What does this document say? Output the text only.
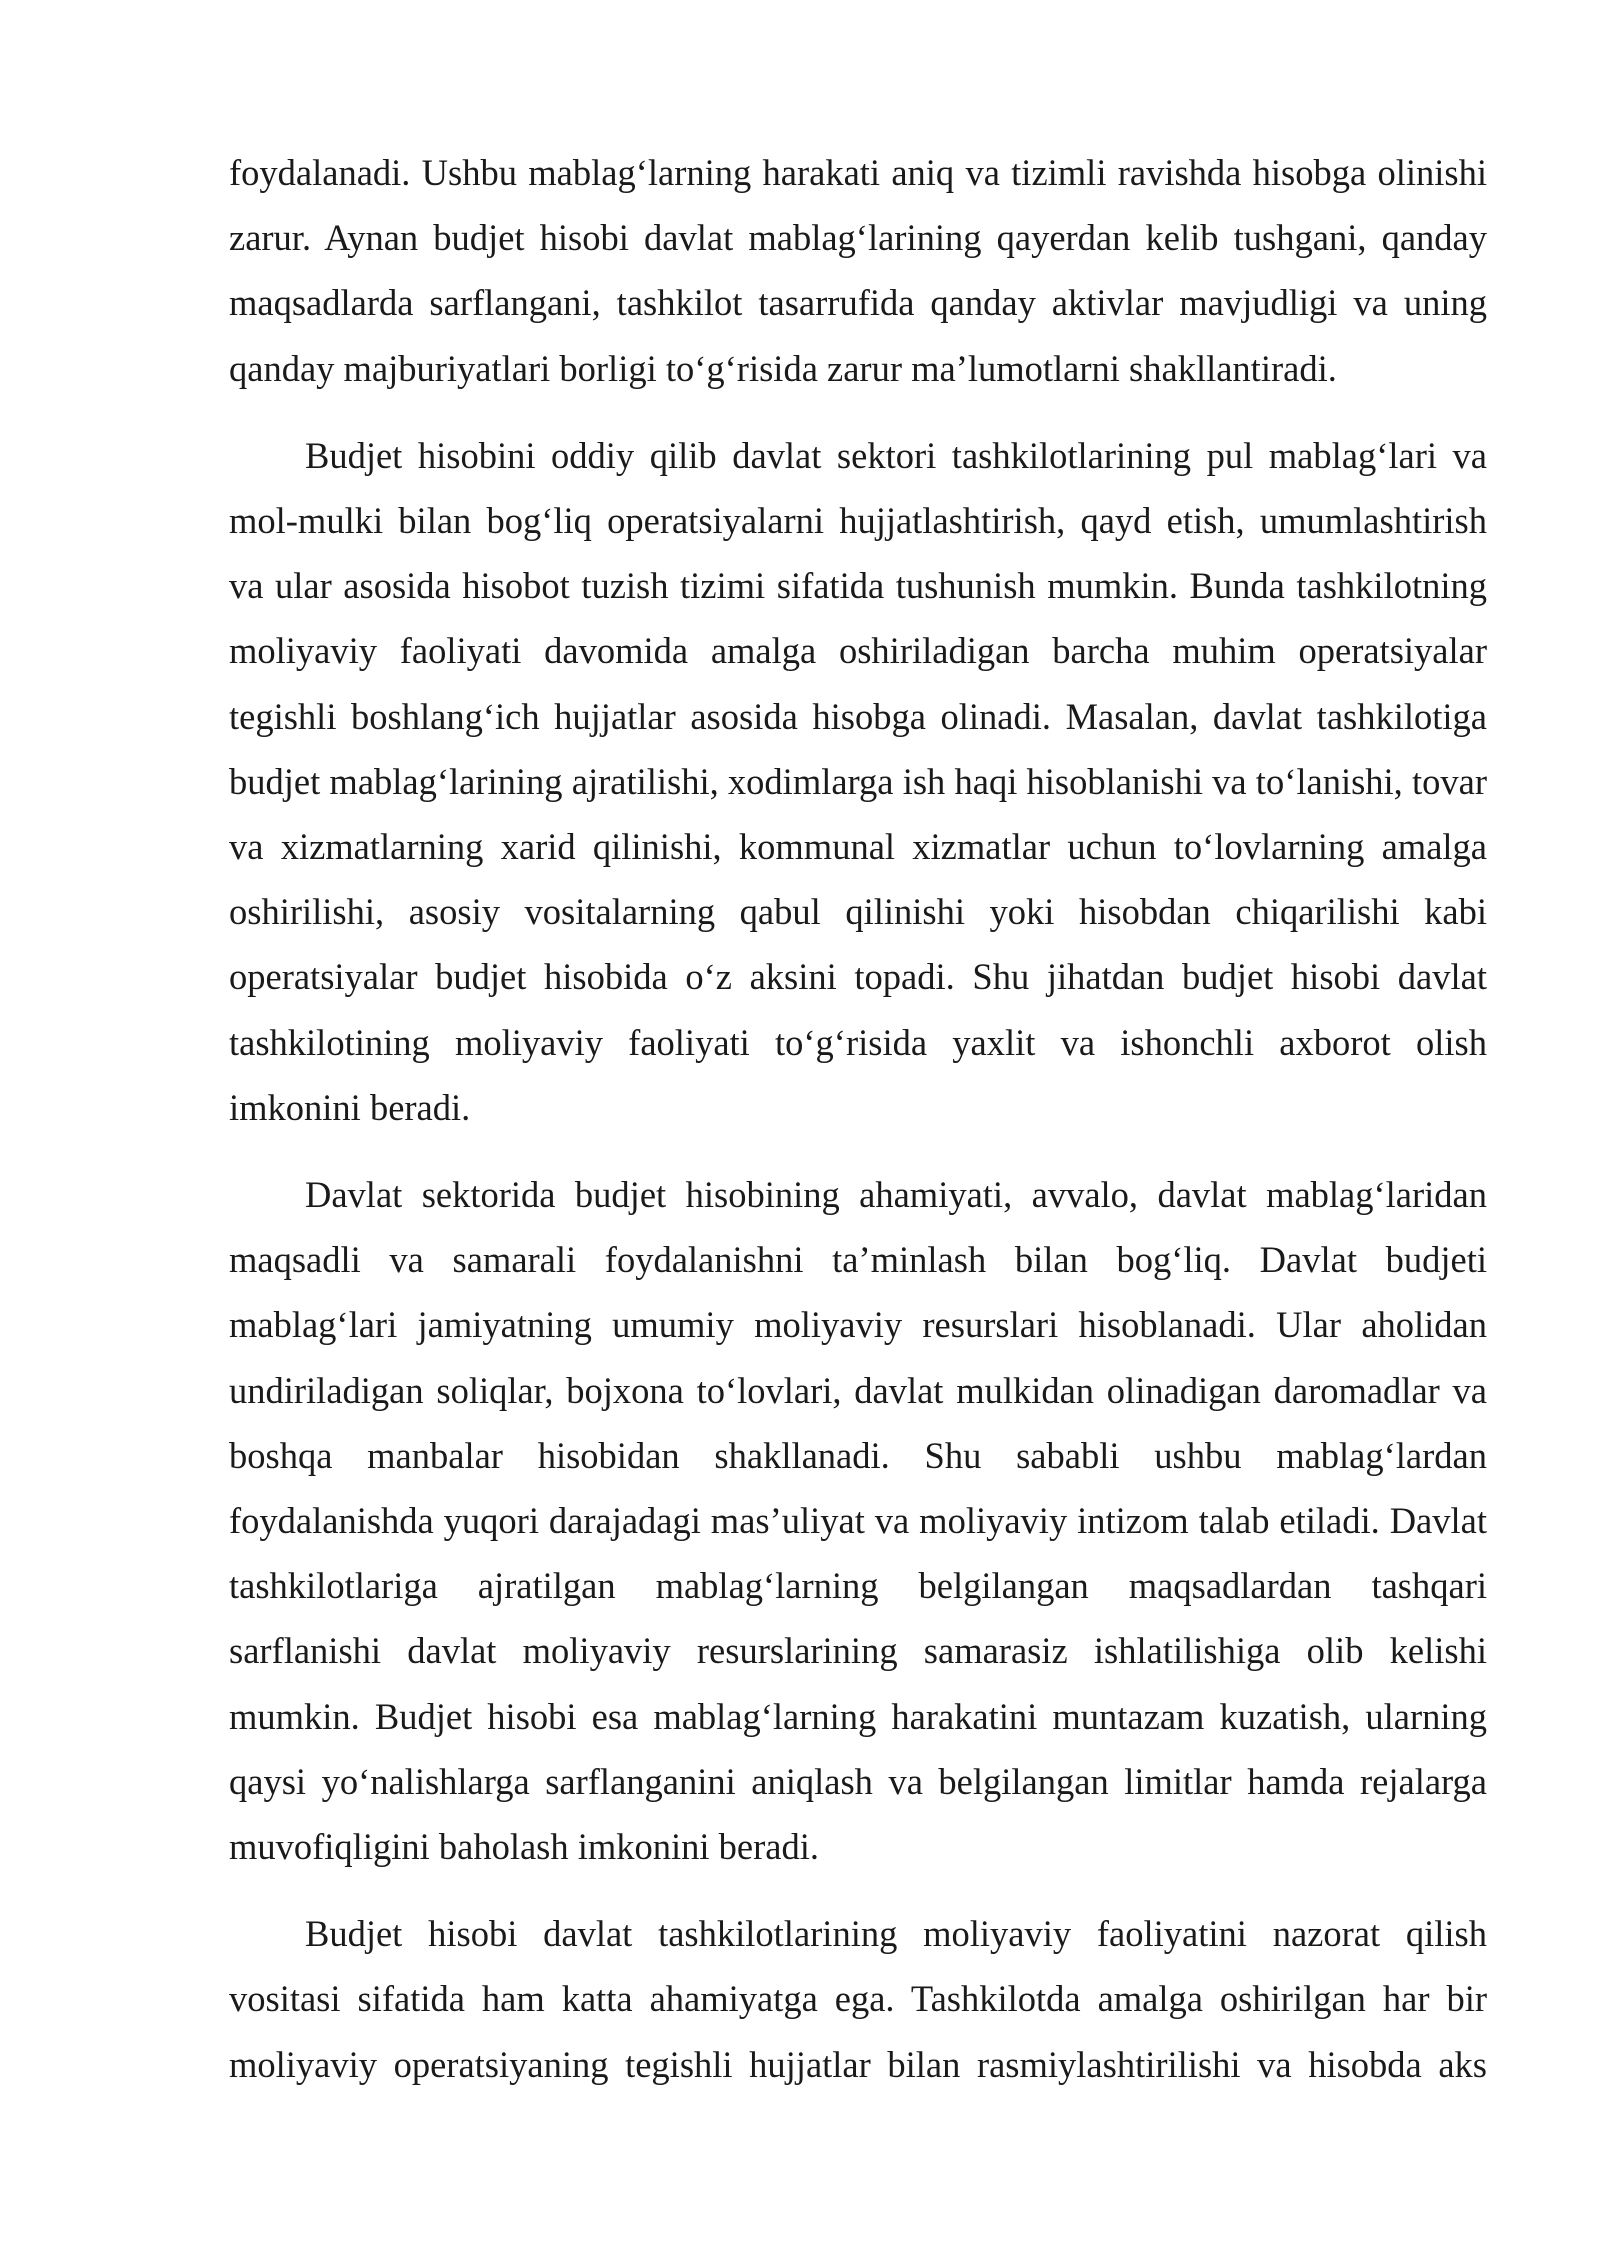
foydalanadi. Ushbu mablag‘larning harakati aniq va tizimli ravishda hisobga olinishi zarur. Aynan budjet hisobi davlat mablag‘larining qayerdan kelib tushgani, qanday maqsadlarda sarflangani, tashkilot tasarrufida qanday aktivlar mavjudligi va uning qanday majburiyatlari borligi to‘g‘risida zarur ma’lumotlarni shakllantiradi.

Budjet hisobini oddiy qilib davlat sektori tashkilotlarining pul mablag‘lari va mol-mulki bilan bog‘liq operatsiyalarni hujjatlashtirish, qayd etish, umumlashtirish va ular asosida hisobot tuzish tizimi sifatida tushunish mumkin. Bunda tashkilotning moliyaviy faoliyati davomida amalga oshiriladigan barcha muhim operatsiyalar tegishli boshlang‘ich hujjatlar asosida hisobga olinadi. Masalan, davlat tashkilotiga budjet mablag‘larining ajratilishi, xodimlarga ish haqi hisoblanishi va to‘lanishi, tovar va xizmatlarning xarid qilinishi, kommunal xizmatlar uchun to‘lovlarning amalga oshirilishi, asosiy vositalarning qabul qilinishi yoki hisobdan chiqarilishi kabi operatsiyalar budjet hisobida o‘z aksini topadi. Shu jihatdan budjet hisobi davlat tashkilotining moliyaviy faoliyati to‘g‘risida yaxlit va ishonchli axborot olish imkonini beradi.

Davlat sektorida budjet hisobining ahamiyati, avvalo, davlat mablag‘laridan maqsadli va samarali foydalanishni ta’minlash bilan bog‘liq. Davlat budjeti mablag‘lari jamiyatning umumiy moliyaviy resurslari hisoblanadi. Ular aholidan undiriladigan soliqlar, bojxona to‘lovlari, davlat mulkidan olinadigan daromadlar va boshqa manbalar hisobidan shakllanadi. Shu sababli ushbu mablag‘lardan foydalanishda yuqori darajadagi mas’uliyat va moliyaviy intizom talab etiladi. Davlat tashkilotlariga ajratilgan mablag‘larning belgilangan maqsadlardan tashqari sarflanishi davlat moliyaviy resurslarining samarasiz ishlatilishiga olib kelishi mumkin. Budjet hisobi esa mablag‘larning harakatini muntazam kuzatish, ularning qaysi yo‘nalishlarga sarflanganini aniqlash va belgilangan limitlar hamda rejalarga muvofiqligini baholash imkonini beradi.

Budjet hisobi davlat tashkilotlarining moliyaviy faoliyatini nazorat qilish vositasi sifatida ham katta ahamiyatga ega. Tashkilotda amalga oshirilgan har bir moliyaviy operatsiyaning tegishli hujjatlar bilan rasmiylashtirilishi va hisobda aks
